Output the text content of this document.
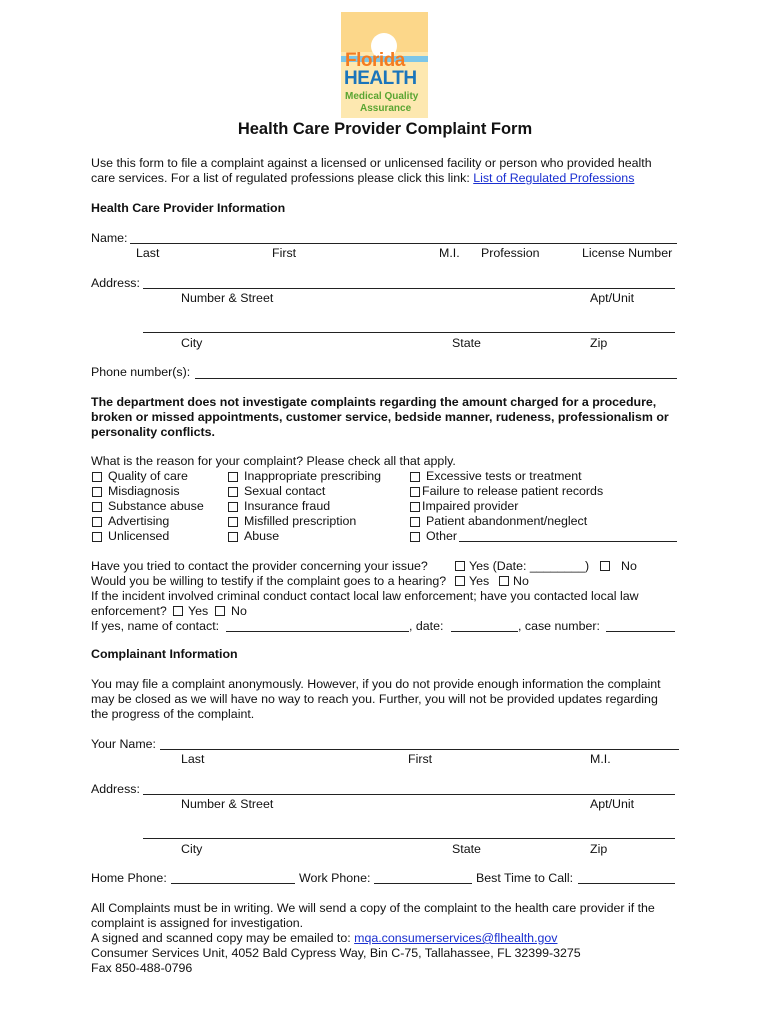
Florida
HEALTH
Medical Quality
Assurance
Health Care Provider Complaint Form
Use this form to file a complaint against a licensed or unlicensed facility or person who provided health
care services. For a list of regulated professions please click this link: List of Regulated Professions
Health Care Provider Information
Name:
Last	First	M.I. Profession	License Number
Address:
Number & Street	Apt/Unit
City	State	Zip
Phone number(s):
The department does not investigate complaints regarding the amount charged for a procedure,
broken or missed appointments, customer service, bedside manner, rudeness, professionalism or
personality conflicts.
What is the reason for your complaint? Please check all that apply.
Quality of care
Misdiagnosis
Substance abuse
Advertising
Unlicensed
Inappropriate prescribing
Sexual contact
Insurance fraud
Misfilled prescription
Abuse
Excessive tests or treatment
Failure to release patient records
Impaired provider
Patient abandonment/neglect
Other
Have you tried to contact the provider concerning your issue?	Yes (Date: ________)	No
Would you be willing to testify if the complaint goes to a hearing? Yes No
If the incident involved criminal conduct contact local law enforcement; have you contacted local law
enforcement? Yes No
If yes, name of contact:	, date:	, case number:
Complainant Information
You may file a complaint anonymously. However, if you do not provide enough information the complaint
may be closed as we will have no way to reach you. Further, you will not be provided updates regarding
the progress of the complaint.
Your Name:
Last	First	M.I.
Address:
Number & Street	Apt/Unit
City	State	Zip
Home Phone:	Work Phone:	Best Time to Call:
All Complaints must be in writing. We will send a copy of the complaint to the health care provider if the
complaint is assigned for investigation.
A signed and scanned copy may be emailed to: mqa.consumerservices@flhealth.gov
Consumer Services Unit, 4052 Bald Cypress Way, Bin C-75, Tallahassee, FL 32399-3275
Fax 850-488-0796
